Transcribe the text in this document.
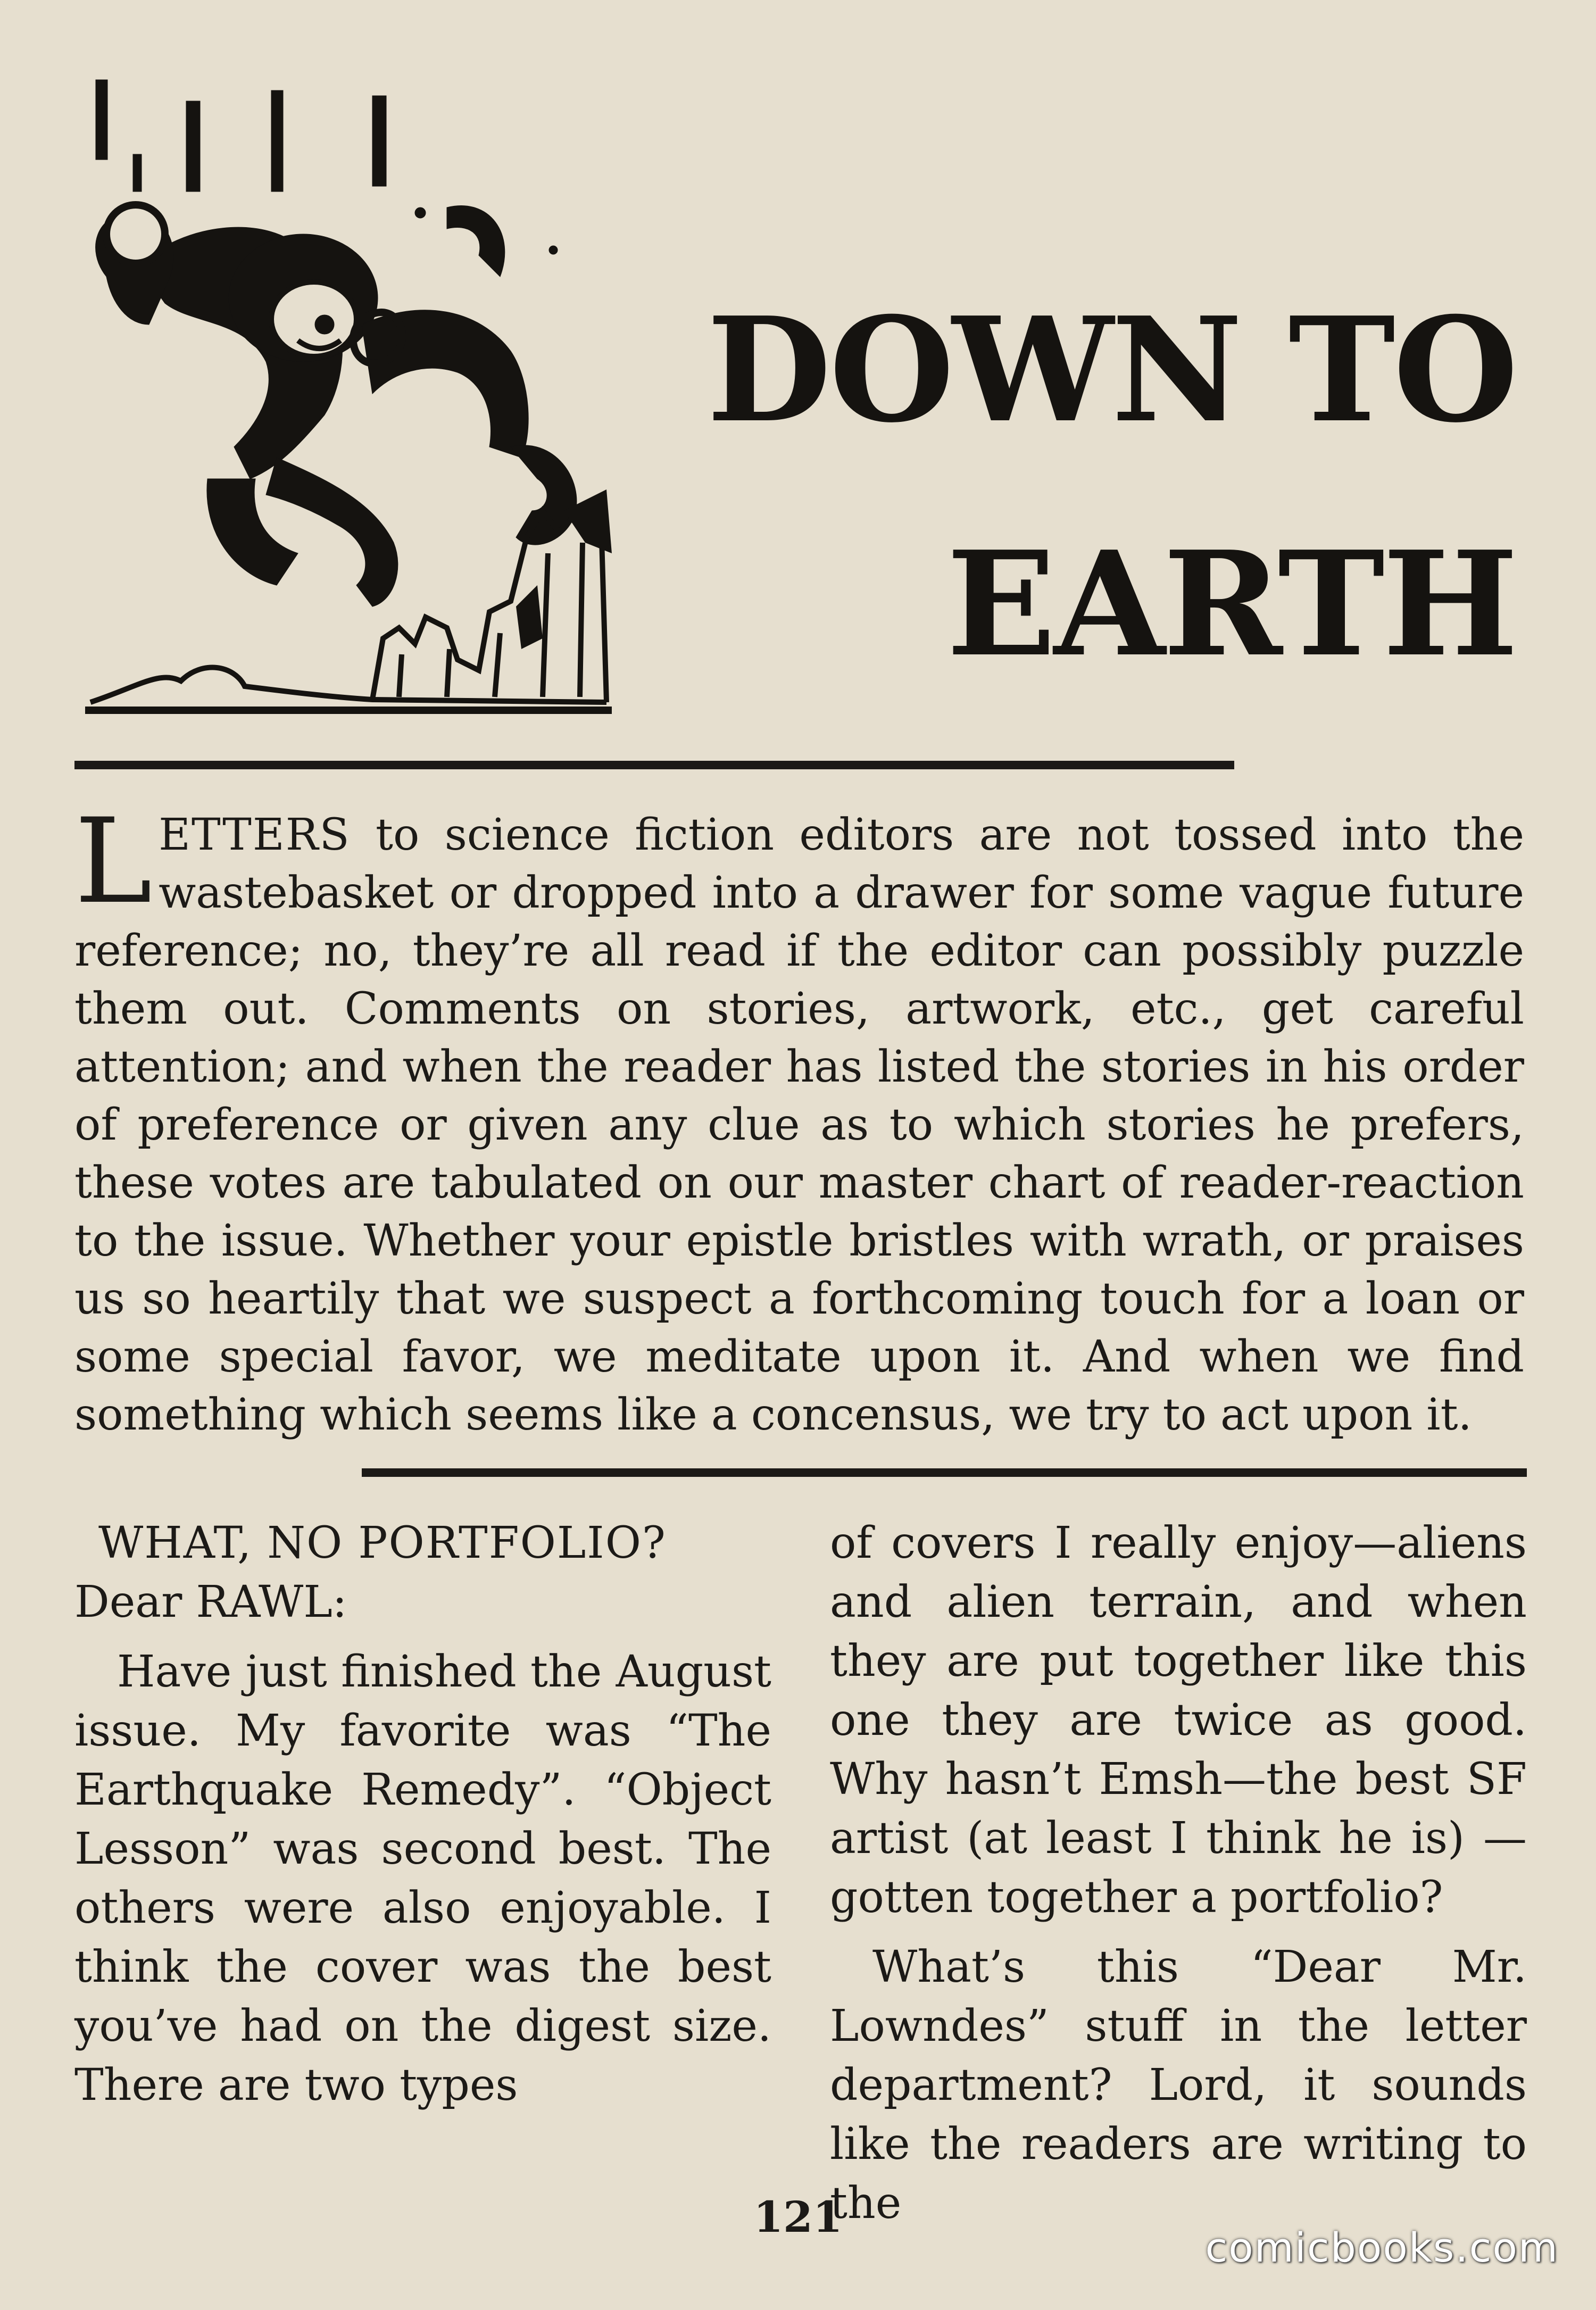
DOWN TO
EARTH
LETTERS to science fiction editors are not tossed into the wastebasket or dropped into a drawer for some vague future reference; no, they’re all read if the editor can possibly puzzle them out. Comments on stories, artwork, etc., get careful attention; and when the reader has listed the stories in his order of preference or given any clue as to which stories he prefers, these votes are tabulated on our master chart of reader-reaction to the issue. Whether your epistle bristles with wrath, or praises us so heartily that we suspect a forthcoming touch for a loan or some special favor, we meditate upon it. And when we find something which seems like a concensus, we try to act upon it.

WHAT, NO PORTFOLIO?

Dear RAWL:

Have just finished the August issue. My favorite was “The Earthquake Remedy”. “Object Lesson” was second best. The others were also enjoyable. I think the cover was the best you’ve had on the digest size. There are two types

of covers I really enjoy—aliens and alien terrain, and when they are put together like this one they are twice as good. Why hasn’t Emsh—the best SF artist (at least I think he is) —gotten together a portfolio?

What’s this “Dear Mr. Lowndes” stuff in the letter department? Lord, it sounds like the readers are writing to the

121
comicbooks.com
